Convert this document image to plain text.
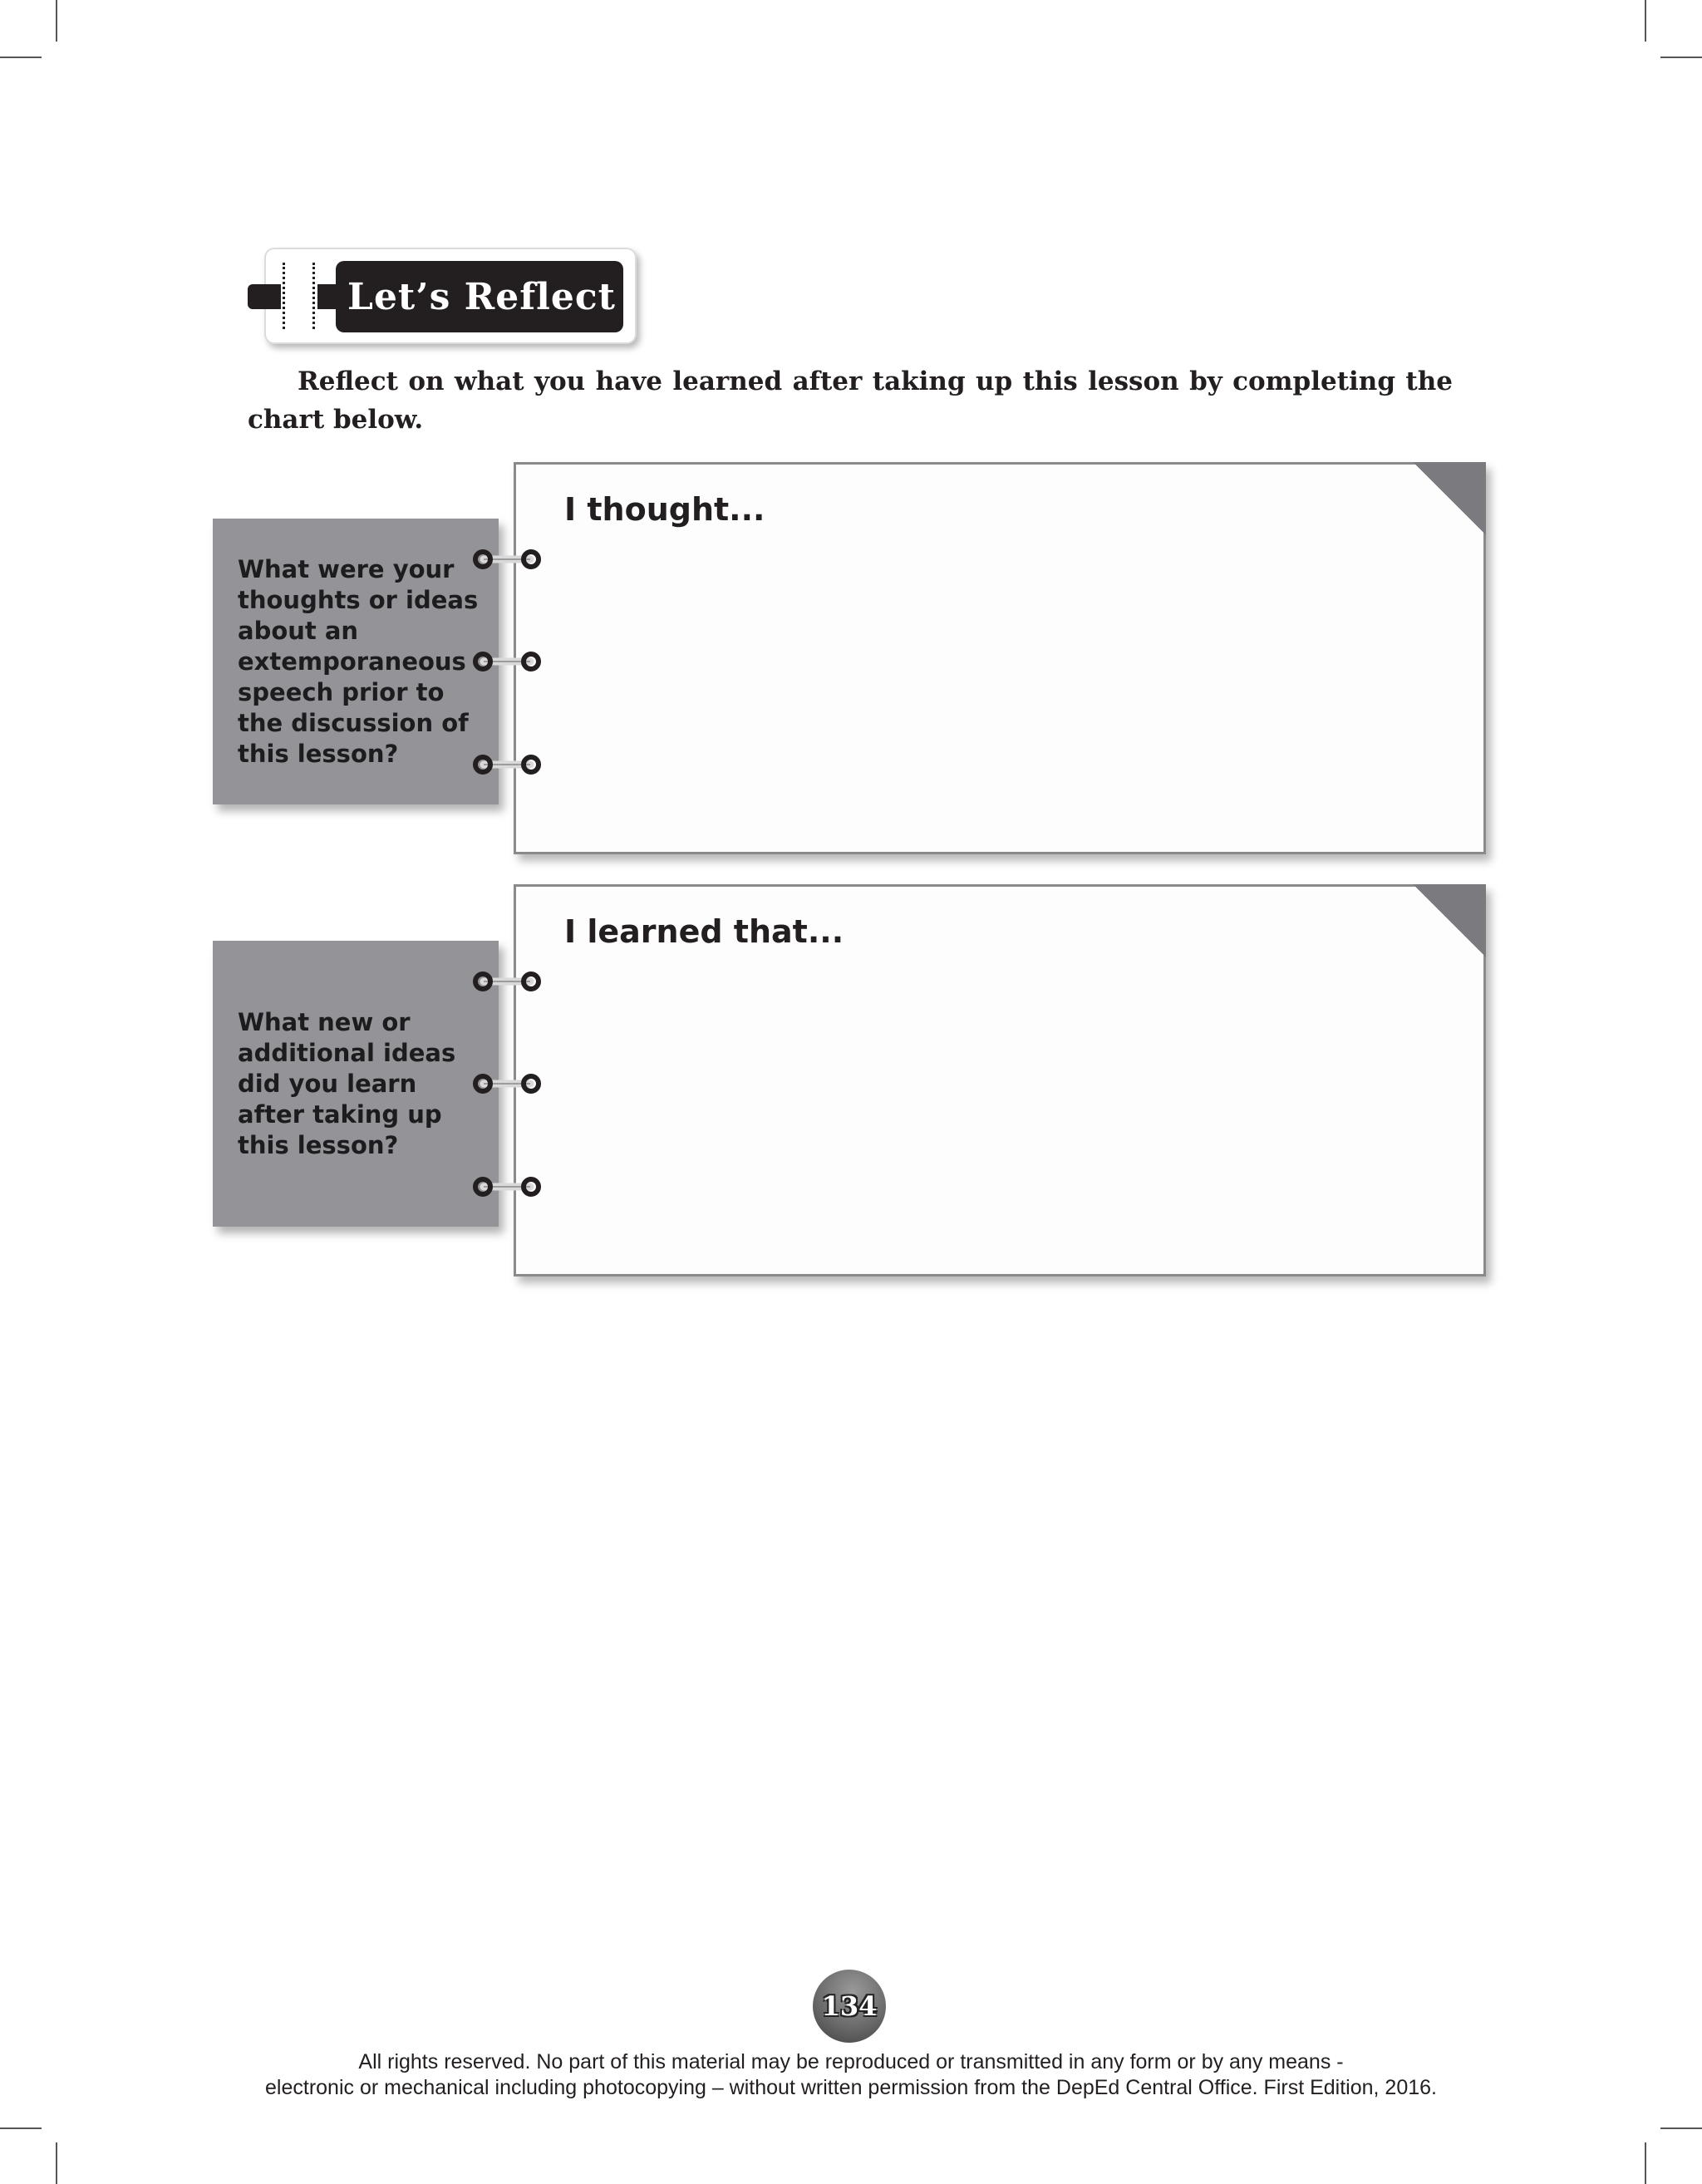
Let’s Reflect
Reflect on what you have learned after taking up this lesson by completing the chart below.
What were your thoughts or ideas about an extemporaneous speech prior to the discussion of this lesson?
I thought...
What new or additional ideas did you learn after taking up this lesson?
I learned that...
134
All rights reserved. No part of this material may be reproduced or transmitted in any form or by any means -
electronic or mechanical including photocopying – without written permission from the DepEd Central Office. First Edition, 2016.
